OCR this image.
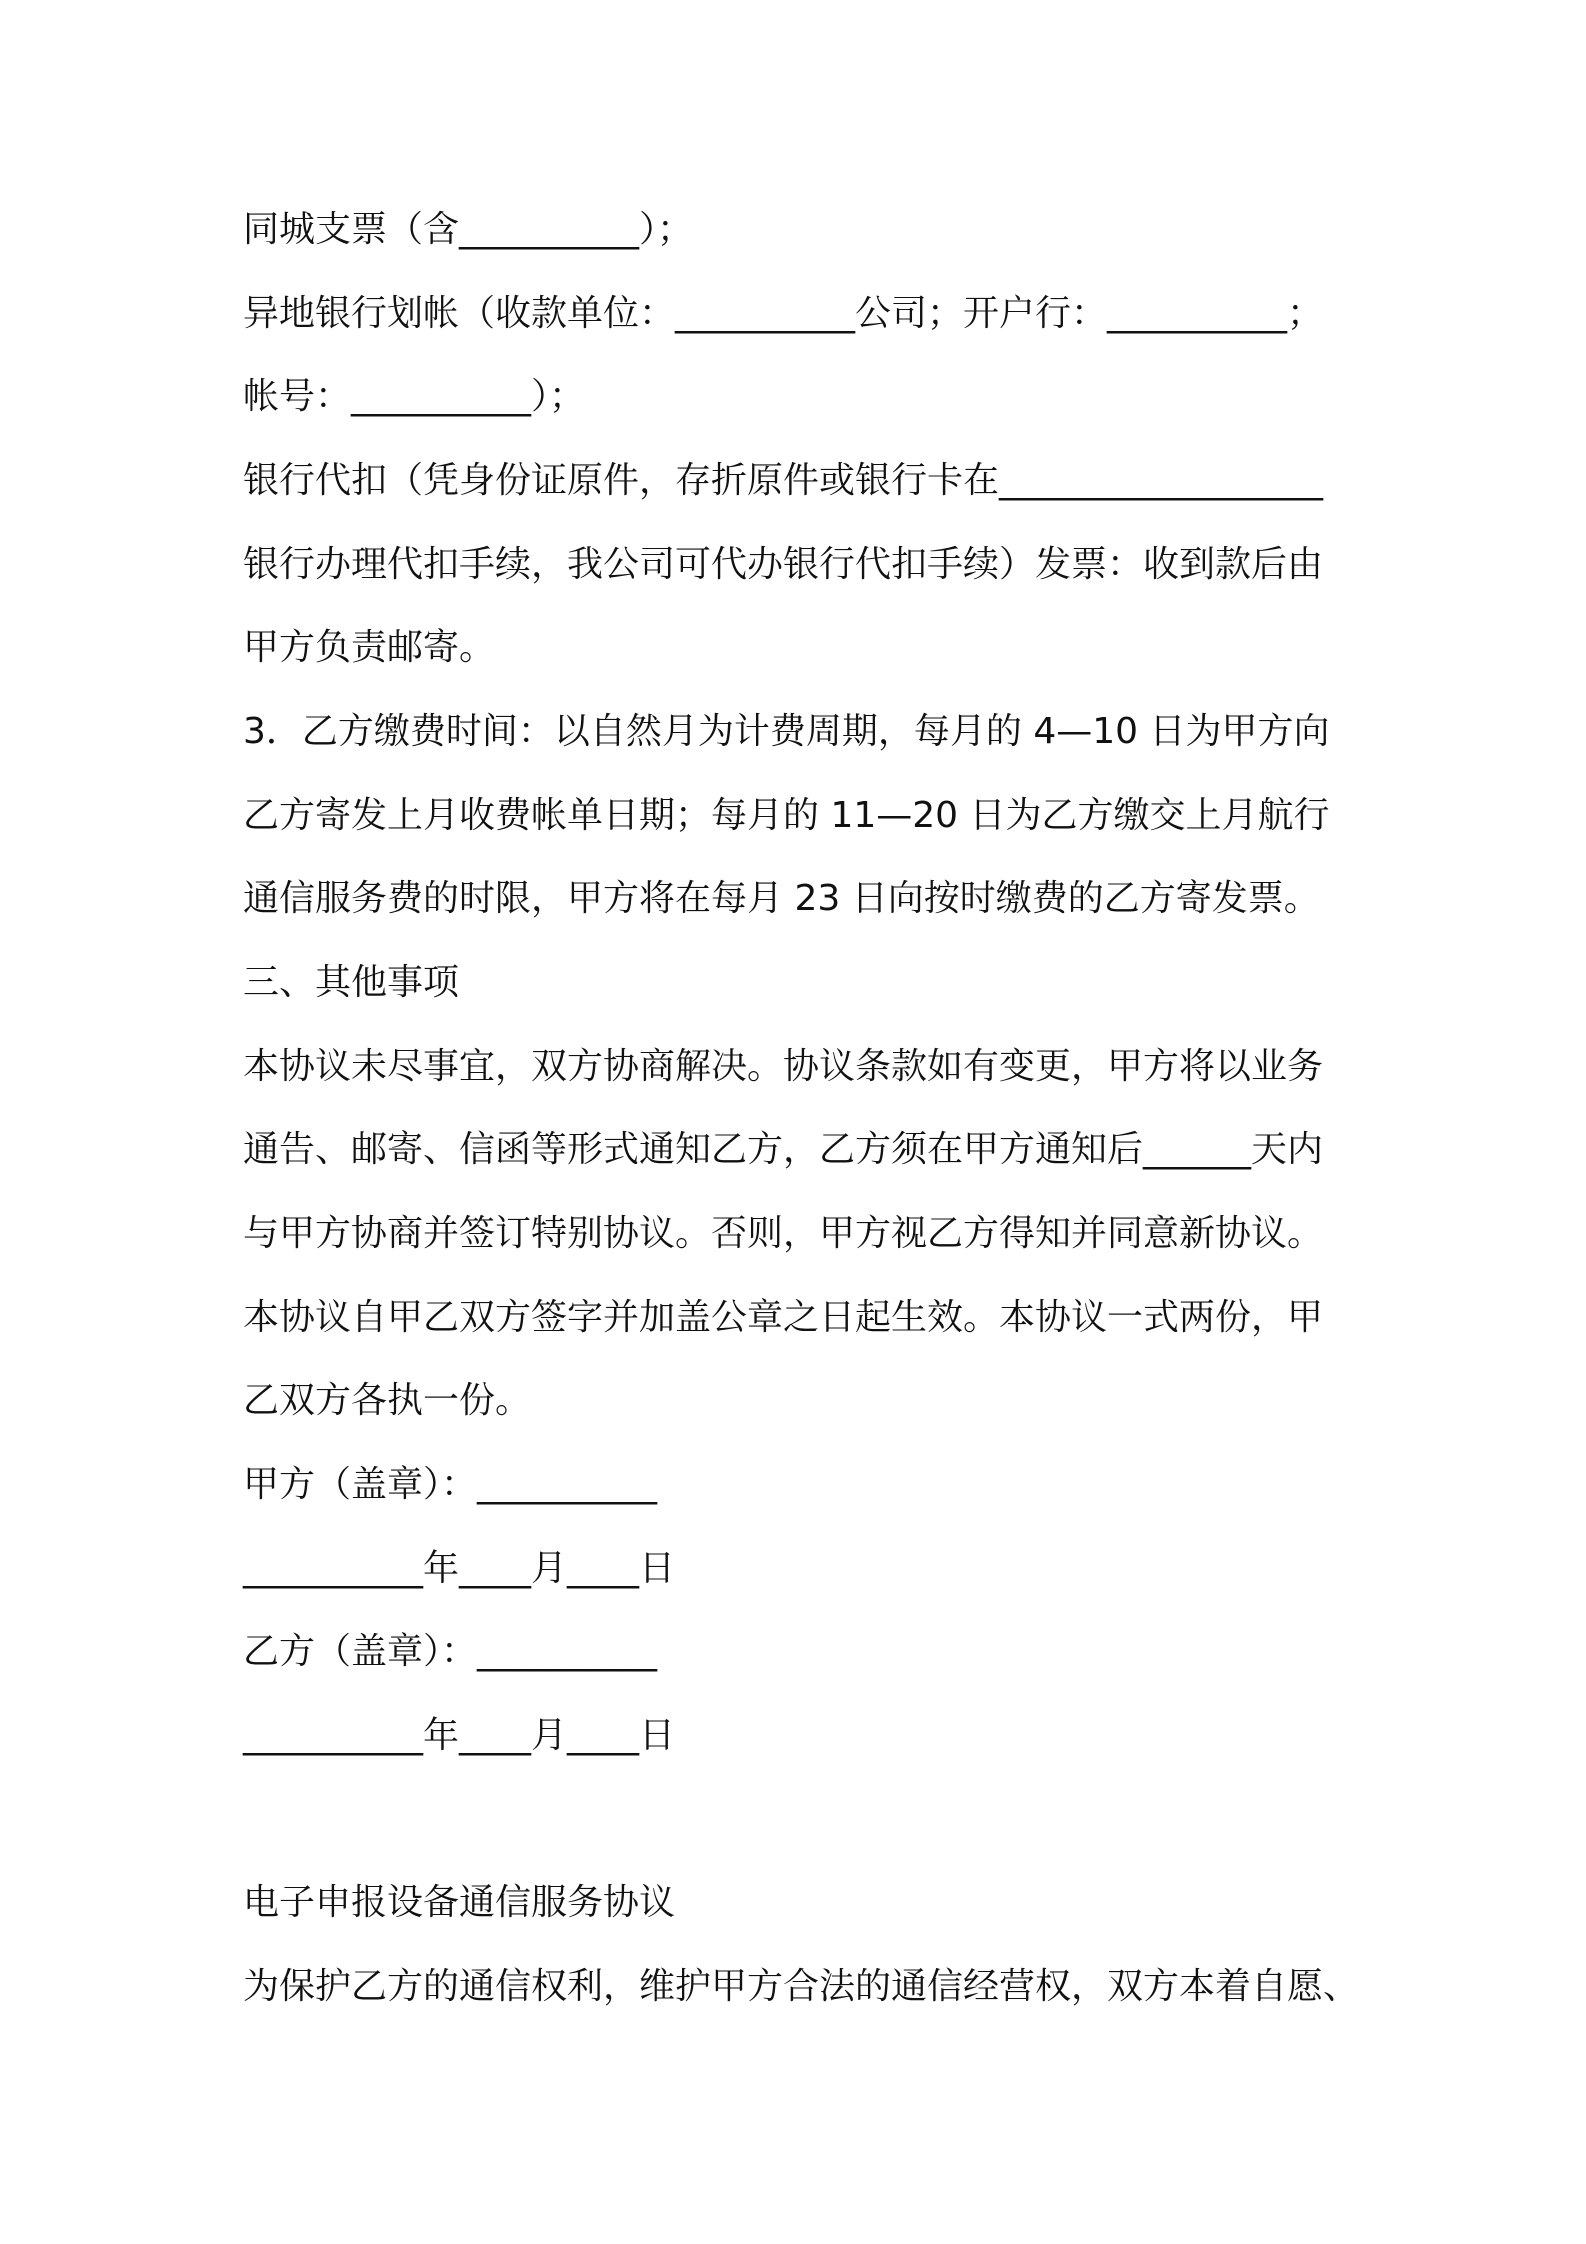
同城支票（含__________）；
异地银行划帐（收款单位：__________公司；开户行：__________；
帐号：__________）；
银行代扣（凭身份证原件，存折原件或银行卡在__________________
银行办理代扣手续，我公司可代办银行代扣手续）发票：收到款后由
甲方负责邮寄。
3．乙方缴费时间：以自然月为计费周期，每月的 4—10 日为甲方向
乙方寄发上月收费帐单日期；每月的 11—20 日为乙方缴交上月航行
通信服务费的时限，甲方将在每月 23 日向按时缴费的乙方寄发票。
三、其他事项
本协议未尽事宜，双方协商解决。协议条款如有变更，甲方将以业务
通告、邮寄、信函等形式通知乙方，乙方须在甲方通知后______天内
与甲方协商并签订特别协议。否则，甲方视乙方得知并同意新协议。
本协议自甲乙双方签字并加盖公章之日起生效。本协议一式两份，甲
乙双方各执一份。
甲方（盖章）：__________
__________年____月____日
乙方（盖章）：__________
__________年____月____日
电子申报设备通信服务协议
为保护乙方的通信权利，维护甲方合法的通信经营权，双方本着自愿、
